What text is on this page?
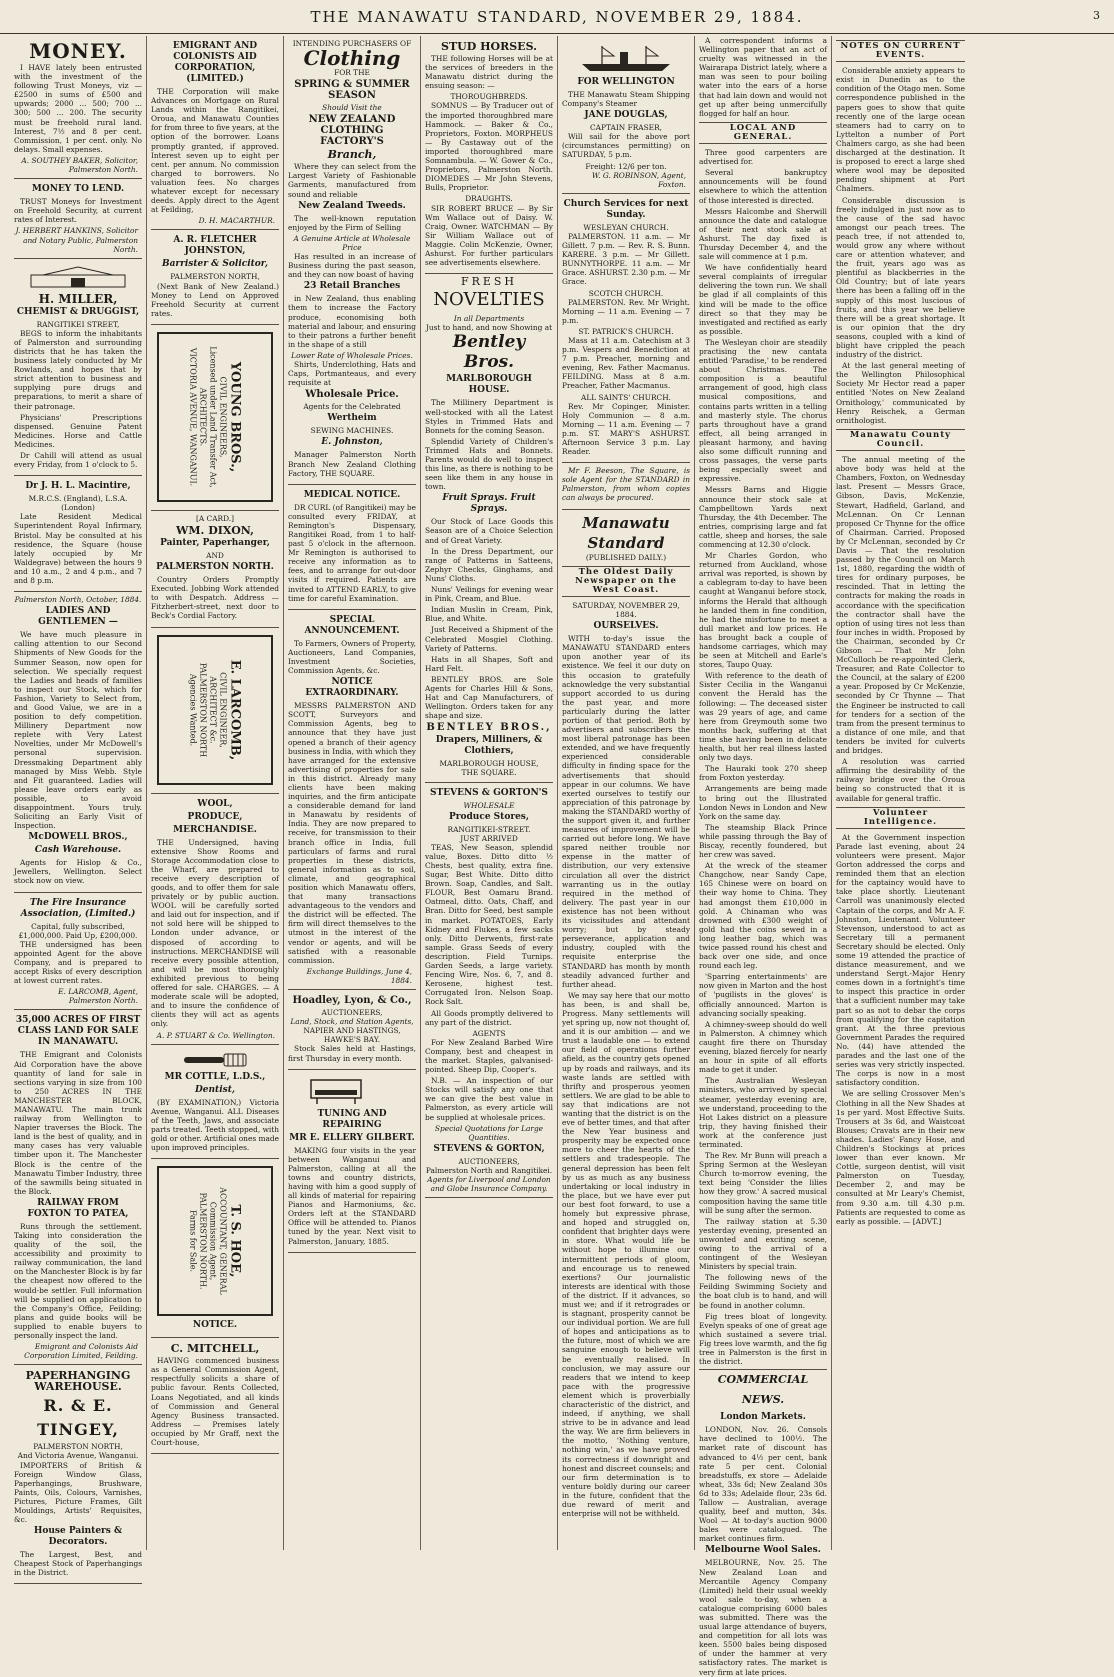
THE MANAWATU STANDARD, NOVEMBER 29, 1884.	3
MONEY.

I HAVE lately been entrusted with the investment of the following Trust Moneys, viz — £2500 in sums of £500 and upwards; 2000 ... 500; 700 ... 300; 500 ... 200. The security must be freehold rural land. Interest, 7½ and 8 per cent. Commission, 1 per cent. only. No delays. Small expenses.

A. SOUTHEY BAKER, Solicitor, Palmerston North.
MONEY TO LEND.

TRUST Moneys for Investment on Freehold Security, at current rates of Interest.

J. HERBERT HANKINS, Solicitor and Notary Public, Palmerston North.
H. MILLER,
CHEMIST & DRUGGIST,
RANGITIKEI STREET,

BEGS to inform the inhabitants of Palmerston and surrounding districts that he has taken the business lately conducted by Mr Rowlands, and hopes that by strict attention to business and supplying pure drugs and preparations, to merit a share of their patronage.

Physicians' Prescriptions dispensed. Genuine Patent Medicines. Horse and Cattle Medicines.

Dr Cahill will attend as usual every Friday, from 1 o'clock to 5.

Dr J. H. L. Macintire,
M.R.C.S. (England), L.S.A. (London)

Late Resident Medical Superintendent Royal Infirmary, Bristol. May be consulted at his residence, the Square (house lately occupied by Mr Waldegrave) between the hours 9 and 10 a.m., 2 and 4 p.m., and 7 and 8 p.m.

Palmerston North, October, 1884.
LADIES AND GENTLEMEN —

We have much pleasure in calling attention to our Second Shipments of New Goods for the Summer Season, now open for selection. We specially request the Ladies and heads of families to inspect our Stock, which for Fashion, Variety to Select from, and Good Value, we are in a position to defy competition. Millinery Department now replete with Very Latest Novelties, under Mr McDowell's personal supervision. Dressmaking Department ably managed by Miss Webb. Style and Fit guaranteed. Ladies will please leave orders early as possible, to avoid disappointment. Yours truly. Soliciting an Early Visit of Inspection.

McDOWELL BROS.,
Cash Warehouse.

Agents for Hislop & Co., Jewellers, Wellington. Select stock now on view.

The Fire Insurance Association, (Limited.)
Capital, fully subscribed, £1,000,000. Paid Up, £200,000.

THE undersigned has been appointed Agent for the above Company, and is prepared to accept Risks of every description at lowest current rates.

E. LARCOMB, Agent, Palmerston North.
35,000 ACRES OF FIRST CLASS LAND FOR SALE IN MANAWATU.

THE Emigrant and Colonists Aid Corporation have the above quantity of land for sale in sections varying in size from 100 to 250 ACRES IN THE MANCHESTER BLOCK, MANAWATU. The main trunk railway from Wellington to Napier traverses the Block. The land is the best of quality, and in many cases has very valuable timber upon it. The Manchester Block is the centre of the Manawatu Timber Industry, three of the sawmills being situated in the Block.

RAILWAY FROM FOXTON TO PATEA,

Runs through the settlement. Taking into consideration the quality of the soil, the accessibility and proximity to railway communication, the land on the Manchester Block is by far the cheapest now offered to the would-be settler. Full information will be supplied on application to the Company's Office, Feilding; plans and guide books will be supplied to enable buyers to personally inspect the land.

Emigrant and Colonists Aid Corporation Limited, Feilding.
PAPERHANGING WAREHOUSE.
R. & E. TINGEY,
PALMERSTON NORTH,
And Victoria Avenue, Wanganui.

IMPORTERS of British & Foreign Window Glass, Paperhangings, Brushware, Paints, Oils, Colours, Varnishes, Pictures, Picture Frames, Gilt Mouldings, Artists' Requisites, &c.

House Painters & Decorators.

The Largest, Best, and Cheapest Stock of Paperhangings in the District.

EMIGRANT AND COLONISTS AID CORPORATION, (LIMITED.)

THE Corporation will make Advances on Mortgage on Rural Lands within the Rangitikei, Oroua, and Manawatu Counties for from three to five years, at the option of the borrower. Loans promptly granted, if approved. Interest seven up to eight per cent. per annum. No commission charged to borrowers. No valuation fees. No charges whatever except for necessary deeds. Apply direct to the Agent at Feilding,

D. H. MACARTHUR.
A. R. FLETCHER JOHNSTON,
Barrister & Solicitor,
PALMERSTON NORTH,

(Next Bank of New Zealand.) Money to Lend on Approved Freehold Security at current rates.

YOUNG BROS.,
CIVIL ENGINEERS,
Licensed under Land Transfer Act,
ARCHITECTS.
VICTORIA AVENUE, WANGANUI.
[A CARD.]
WM. DIXON,
Painter, Paperhanger,
AND
PALMERSTON NORTH.

Country Orders Promptly Executed. Jobbing Work attended to with Despatch. Address — Fitzherbert-street, next door to Beck's Cordial Factory.

E. LARCOMB,
CIVIL ENGINEER,
ARCHITECT &c.
PALMERSTON NORTH
Agencies Wanted.
WOOL,
PRODUCE,
MERCHANDISE.

THE Undersigned, having extensive Show Rooms and Storage Accommodation close to the Wharf, are prepared to receive every description of goods, and to offer them for sale privately or by public auction. WOOL will be carefully sorted and laid out for inspection, and if not sold here will be shipped to London under advance, or disposed of according to instructions. MERCHANDISE will receive every possible attention, and will be most thoroughly exhibited previous to being offered for sale. CHARGES. — A moderate scale will be adopted, and to insure the confidence of clients they will act as agents only.

A. P. STUART & Co. Wellington.
MR COTTLE, L.D.S.,
Dentist,

(BY EXAMINATION,) Victoria Avenue, Wanganui. ALL Diseases of the Teeth, Jaws, and associate parts treated. Teeth stopped, with gold or other. Artificial ones made upon improved principles.

T. S. HOE,
ACCOUNTANT, GENERAL
Commission Agent,
PALMERSTON NORTH.
Farms for Sale.
NOTICE.
C. MITCHELL,

HAVING commenced business as a General Commission Agent, respectfully solicits a share of public favour. Rents Collected, Loans Negotiated, and all kinds of Commission and General Agency Business transacted. Address — Premises lately occupied by Mr Graff, next the Court-house,

INTENDING PURCHASERS OF
Clothing
FOR THE
SPRING & SUMMER SEASON
Should Visit the
NEW ZEALAND CLOTHING FACTORY'S
Branch,

Where they can select from the Largest Variety of Fashionable Garments, manufactured from sound and reliable

New Zealand Tweeds.

The well-known reputation enjoyed by the Firm of Selling

A Genuine Article at Wholesale Price

Has resulted in an increase of Business during the past season, and they can now boast of having

23 Retail Branches

in New Zealand, thus enabling them to increase the Factory produce, economising both material and labour, and ensuring to their patrons a further benefit in the shape of a still

Lower Rate of Wholesale Prices.

Shirts, Underclothing, Hats and Caps, Portmanteaus, and every requisite at

Wholesale Price.
Agents for the Celebrated
Wertheim
SEWING MACHINES.
E. Johnston,

Manager Palmerston North Branch New Zealand Clothing Factory, THE SQUARE.

MEDICAL NOTICE.

DR CURL (of Rangitikei) may be consulted every FRIDAY, at Remington's Dispensary, Rangitikei Road, from 1 to half-past 5 o'clock in the afternoon. Mr Remington is authorised to receive any information as to fees, and to arrange for out-door visits if required. Patients are invited to ATTEND EARLY, to give time for careful Examination.

SPECIAL ANNOUNCEMENT.

To Farmers, Owners of Property, Auctioneers, Land Companies, Investment Societies, Commission Agents, &c.

NOTICE EXTRAORDINARY.

MESSRS PALMERSTON AND SCOTT, Surveyors and Commission Agents, beg to announce that they have just opened a branch of their agency business in India, with which they have arranged for the extensive advertising of properties for sale in this district. Already many clients have been making inquiries, and the firm anticipate a considerable demand for land in Manawatu by residents of India. They are now prepared to receive, for transmission to their branch office in India, full particulars of farms and rural properties in these districts, general information as to soil, climate, and geographical position which Manawatu offers, that many transactions advantageous to the vendors and the district will be effected. The firm will direct themselves to the utmost in the interest of the vendor or agents, and will be satisfied with a reasonable commission.

Exchange Buildings, June 4, 1884.
Hoadley, Lyon, & Co.,
AUCTIONEERS,
Land, Stock, and Station Agents,
NAPIER AND HASTINGS, HAWKE'S BAY.

Stock Sales held at Hastings, first Thursday in every month.

TUNING AND REPAIRING
MR E. ELLERY GILBERT.

MAKING four visits in the year between Wanganui and Palmerston, calling at all the towns and country districts, having with him a good supply of all kinds of material for repairing Pianos and Harmoniums, &c. Orders left at the STANDARD Office will be attended to. Pianos tuned by the year. Next visit to Palmerston, January, 1885.

STUD HORSES.

THE following Horses will be at the services of breeders in the Manawatu district during the ensuing season: —

THOROUGHBREDS.

SOMNUS — By Traducer out of the imported thoroughbred mare Hammock. — Baker & Co., Proprietors, Foxton. MORPHEUS — By Castaway out of the imported thoroughbred mare Somnambula. — W. Gower & Co., Proprietors, Palmerston North. DIOMEDES — Mr John Stevens, Bulls, Proprietor.

DRAUGHTS.

SIR ROBERT BRUCE — By Sir Wm Wallace out of Daisy. W. Craig, Owner. WATCHMAN — By Sir William Wallace out of Maggie. Colin McKenzie, Owner, Ashurst. For further particulars see advertisements elsewhere.

FRESH
NOVELTIES
In all Departments
Just to hand, and now Showing at
Bentley Bros.
MARLBOROUGH HOUSE.

The Millinery Department is well-stocked with all the Latest Styles in Trimmed Hats and Bonnets for the coming Season.

Splendid Variety of Children's Trimmed Hats and Bonnets. Parents would do well to inspect this line, as there is nothing to be seen like them in any house in town.

Fruit Sprays. Fruit Sprays.

Our Stock of Lace Goods this Season are of a Choice Selection and of Great Variety.

In the Dress Department, our range of Patterns in Satteens, Zephyr Checks, Ginghams, and Nuns' Cloths.

Nuns' Veilings for evening wear in Pink, Cream, and Blue.

Indian Muslin in Cream, Pink, Blue, and White.

Just Received a Shipment of the Celebrated Mosgiel Clothing. Variety of Patterns.

Hats in all Shapes, Soft and Hard Felt.

BENTLEY BROS. are Sole Agents for Charles Hill & Sons, Hat and Cap Manufacturers, of Wellington. Orders taken for any shape and size.

BENTLEY BROS.,
Drapers, Milliners, & Clothiers,
MARLBOROUGH HOUSE,
THE SQUARE.
STEVENS & GORTON'S
WHOLESALE
Produce Stores,
RANGITIKEI-STREET.
JUST ARRIVED

TEAS, New Season, splendid value, Boxes. Ditto ditto ½ Chests, best quality, extra fine. Sugar, Best White. Ditto ditto Brown. Soap, Candles, and Salt. FLOUR, Best Oamaru Brand. Oatmeal, ditto. Oats, Chaff, and Bran. Ditto for Seed, best sample in market. POTATOES, Early Kidney and Flukes, a few sacks only. Ditto Derwents, first-rate sample. Grass Seeds of every description. Field Turnips. Garden Seeds, a large variety. Fencing Wire, Nos. 6, 7, and 8. Kerosene, highest test. Corrugated Iron. Nelson Soap. Rock Salt.

All Goods promptly delivered to any part of the district.

AGENTS

For New Zealand Barbed Wire Company, best and cheapest in the market. Staples, galvanised-pointed. Sheep Dip, Cooper's.

N.B. — An inspection of our Stocks will satisfy any one that we can give the best value in Palmerston, as every article will be supplied at wholesale prices.

Special Quotations for Large Quantities.
STEVENS & GORTON,
AUCTIONEERS,
Palmerston North and Rangitikei.
Agents for Liverpool and London and Globe Insurance Company.
FOR WELLINGTON

THE Manawatu Steam Shipping Company's Steamer

JANE DOUGLAS,
CAPTAIN FRASER,

Will sail for the above port (circumstances permitting) on SATURDAY, 5 p.m.

Freight: 12/6 per ton.
W. G. ROBINSON, Agent, Foxton.
Church Services for next Sunday.
WESLEYAN CHURCH.

PALMERSTON. 11 a.m. — Mr Gillett. 7 p.m. — Rev. R. S. Bunn. KARERE. 3 p.m. — Mr Gillett. BUNNYTHORPE. 11 a.m. — Mr Grace. ASHURST. 2.30 p.m. — Mr Grace.

SCOTCH CHURCH.

PALMERSTON. Rev. Mr Wright. Morning — 11 a.m. Evening — 7 p.m.

ST. PATRICK'S CHURCH.

Mass at 11 a.m. Catechism at 3 p.m. Vespers and Benediction at 7 p.m. Preacher, morning and evening, Rev. Father Macmanus. FEILDING. Mass at 8 a.m. Preacher, Father Macmanus.

ALL SAINTS' CHURCH.

Rev. Mr Copinger, Minister. Holy Communion — 8 a.m. Morning — 11 a.m. Evening — 7 p.m. ST. MARY'S ASHURST. Afternoon Service 3 p.m. Lay Reader.

Mr F. Beeson, The Square, is sole Agent for the STANDARD in Palmerston, from whom copies can always be procured.

Manawatu Standard
(PUBLISHED DAILY.)
The Oldest Daily Newspaper on the West Coast.
SATURDAY, NOVEMBER 29, 1884.
OURSELVES.

WITH to-day's issue the MANAWATU STANDARD enters upon another year of its existence. We feel it our duty on this occasion to gratefully acknowledge the very substantial support accorded to us during the past year, and more particularly during the latter portion of that period. Both by advertisers and subscribers the most liberal patronage has been extended, and we have frequently experienced considerable difficulty in finding space for the advertisements that should appear in our columns. We have exerted ourselves to testify our appreciation of this patronage by making the STANDARD worthy of the support given it, and further measures of improvement will be carried out before long. We have spared neither trouble nor expense in the matter of distribution, our very extensive circulation all over the district warranting us in the outlay required in the method of delivery. The past year in our existence has not been without its vicissitudes and attendant worry; but by steady perseverance, application and industry, coupled with the requisite enterprise the STANDARD has month by month steadily advanced further and further ahead.

We may say here that our motto has been, is and shall be, Progress. Many settlements will yet spring up, now not thought of, and it is our ambition — and we trust a laudable one — to extend our field of operations further afield, as the country gets opened up by roads and railways, and its waste lands are settled with thrifty and prosperous yeomen settlers. We are glad to be able to say that indications are not wanting that the district is on the eve of better times, and that after the New Year business and prosperity may be expected once more to cheer the hearts of the settlers and tradespeople. The general depression has been felt by us as much as any business undertaking or local industry in the place, but we have ever put our best foot forward, to use a homely but expressive phrase, and hoped and struggled on, confident that brighter days were in store. What would life be without hope to illumine our intermittent periods of gloom, and encourage us to renewed exertions? Our journalistic interests are identical with those of the district. If it advances, so must we; and if it retrogrades or is stagnant, prosperity cannot be our individual portion. We are full of hopes and anticipations as to the future, most of which we are sanguine enough to believe will be eventually realised. In conclusion, we may assure our readers that we intend to keep pace with the progressive element which is proverbially characteristic of the district, and indeed, if anything, we shall strive to be in advance and lead the way. We are firm believers in the motto, 'Nothing venture, nothing win,' as we have proved its correctness if downright and honest and discreet counsels; and our firm determination is to venture boldly during our career in the future, confident that the due reward of merit and enterprise will not be withheld.

A correspondent informs a Wellington paper that an act of cruelty was witnessed in the Wairarapa District lately, where a man was seen to pour boiling water into the ears of a horse that had lain down and would not get up after being unmercifully flogged for half an hour.

LOCAL AND GENERAL.

Three good carpenters are advertised for.

Several bankruptcy announcements will be found elsewhere to which the attention of those interested is directed.

Messrs Halcombe and Sherwill announce the date and catalogue of their next stock sale at Ashurst. The day fixed is Thursday December 4, and the sale will commence at 1 p.m.

We have confidentially heard several complaints of irregular delivering the town run. We shall be glad if all complaints of this kind will be made to the office direct so that they may be investigated and rectified as early as possible.

The Wesleyan choir are steadily practising the new cantata entitled 'Paradise,' to be rendered about Christmas. The composition is a beautiful arrangement of good, high class musical compositions, and contains parts written in a telling and masterly style. The chorus parts throughout have a grand effect, all being arranged in pleasant harmony, and having also some difficult running and cross passages, the verse parts being especially sweet and expressive.

Messrs Barns and Higgie announce their stock sale at Campbelltown Yards next Thursday, the 4th December. The entries, comprising large and fat cattle, sheep and horses, the sale commencing at 12.30 o'clock.

Mr Charles Gordon, who returned from Auckland, whose arrival was reported, is shown by a cablegram to-day to have been caught at Wanganui before stock, informs the Herald that although he landed them in fine condition, he had the misfortune to meet a dull market and low prices. He has brought back a couple of handsome carriages, which may be seen at Mitchell and Earle's stores, Taupo Quay.

With reference to the death of Sister Cecilia in the Wanganui convent the Herald has the following: — The deceased sister was 29 years of age, and came here from Greymouth some two months back, suffering at that time she having been in delicate health, but her real illness lasted only two days.

The Hauraki took 270 sheep from Foxton yesterday.

Arrangements are being made to bring out the Illustrated London News in London and New York on the same day.

The steamship Black Prince while passing through the Bay of Biscay, recently foundered, but her crew was saved.

At the wreck of the steamer Changchow, near Sandy Cape, 165 Chinese were on board on their way home to China. They had amongst them £10,000 in gold. A Chinaman who was drowned with £300 weight of gold had the coins sewed in a long leather bag, which was twice passed round his chest and back over one side, and once round each leg.

'Sparring entertainments' are now given in Marton and the host of 'pugilists in the gloves' is officially announced. Marton is advancing socially speaking.

A chimney-sweep should do well in Palmerston. A chimney which caught fire there on Thursday evening, blazed fiercely for nearly an hour in spite of all efforts made to get it under.

The Australian Wesleyan ministers, who arrived by special steamer, yesterday evening are, we understand, proceeding to the Hot Lakes district on a pleasure trip, they having finished their work at the conference just terminated.

The Rev. Mr Bunn will preach a Spring Sermon at the Wesleyan Church to-morrow evening, the text being 'Consider the lilies how they grow.' A sacred musical composition having the same title will be sung after the sermon.

The railway station at 5.30 yesterday evening, presented an unwonted and exciting scene, owing to the arrival of a contingent of the Wesleyan Ministers by special train.

The following news of the Feilding Swimming Society and the boat club is to hand, and will be found in another column.

Fig trees bloat of longevity. Evelyn speaks of one of great age which sustained a severe trial. Fig trees love warmth, and the fig tree in Palmerston is the first in the district.

COMMERCIAL NEWS.
London Markets.

LONDON, Nov. 26. Consols have declined to 100½. The market rate of discount has advanced to 4½ per cent, bank rate 5 per cent. Colonial breadstuffs, ex store — Adelaide wheat, 33s 6d; New Zealand 30s 6d to 33s; Adelaide flour, 23s 6d. Tallow — Australian, average quality, beef and mutton, 34s. Wool — At to-day's auction 9000 bales were catalogued. The market continues firm.

Melbourne Wool Sales.

MELBOURNE, Nov. 25. The New Zealand Loan and Mercantile Agency Company (Limited) held their usual weekly wool sale to-day, when a catalogue comprising 6000 bales was submitted. There was the usual large attendance of buyers, and competition for all lots was keen. 5500 bales being disposed of under the hammer at very satisfactory rates. The market is very firm at late prices.

NOTES ON CURRENT EVENTS.

Considerable anxiety appears to exist in Dunedin as to the condition of the Otago men. Some correspondence published in the papers goes to show that quite recently one of the large ocean steamers had to carry on to Lyttelton a number of Port Chalmers cargo, as she had been discharged at the destination. It is proposed to erect a large shed where wool may be deposited pending shipment at Port Chalmers.

Considerable discussion is freely indulged in just now as to the cause of the sad havoc amongst our peach trees. The peach tree, if not attended to, would grow any where without care or attention whatever, and the fruit, years ago was as plentiful as blackberries in the Old Country; but of late years there has been a falling off in the supply of this most luscious of fruits, and this year we believe there will be a great shortage. It is our opinion that the dry seasons, coupled with a kind of blight have crippled the peach industry of the district.

At the last general meeting of the Wellington Philosophical Society Mr Hector read a paper entitled 'Notes on New Zealand Ornithology,' communicated by Henry Reischek, a German ornithologist.

Manawatu County Council.

The annual meeting of the above body was held at the Chambers, Foxton, on Wednesday last. Present — Messrs Grace, Gibson, Davis, McKenzie, Stewart, Hadfield, Garland, and McLennan. On Cr Lennan proposed Cr Thynne for the office of Chairman. Carried. Proposed by Cr McLennan, seconded by Cr Davis — That the resolution passed by the Council on March 1st, 1880, regarding the width of tires for ordinary purposes, be rescinded. That in letting the contracts for making the roads in accordance with the specification the contractor shall have the option of using tires not less than four inches in width. Proposed by the Chairman, seconded by Cr Gibson — That Mr John McCulloch be re-appointed Clerk, Treasurer, and Rate Collector to the Council, at the salary of £200 a year. Proposed by Cr McKenzie, seconded by Cr Thynne — That the Engineer be instructed to call for tenders for a section of the tram from the present terminus to a distance of one mile, and that tenders be invited for culverts and bridges.

A resolution was carried affirming the desirability of the railway bridge over the Oroua being so constructed that it is available for general traffic.

Volunteer Intelligence.

At the Government inspection Parade last evening, about 24 volunteers were present. Major Gorton addressed the corps and reminded them that an election for the captaincy would have to take place shortly. Lieutenant Carroll was unanimously elected Captain of the corps, and Mr A. F. Johnston, Lieutenant. Volunteer Stevenson, understood to act as Secretary till a permanent Secretary should be elected. Only some 19 attended the practice of distance measurement, and we understand Sergt.-Major Henry comes down in a fortnight's time to inspect this practice in order that a sufficient number may take part so as not to debar the corps from qualifying for the capitation grant. At the three previous Government Parades the required No. (44) have attended the parades and the last one of the series was very strictly inspected. The corps is now in a most satisfactory condition.

We are selling Crossover Men's Clothing in all the New Shades at 1s per yard. Most Effective Suits. Trousers at 3s 6d, and Waistcoat Blouses; Cravats are in their new shades. Ladies' Fancy Hose, and Children's Stockings at prices lower than ever known. Mr Cottle, surgeon dentist, will visit Palmerston on Tuesday, December 2, and may be consulted at Mr Leary's Chemist, from 9.30 a.m. till 4.30 p.m. Patients are requested to come as early as possible. — [ADVT.]
